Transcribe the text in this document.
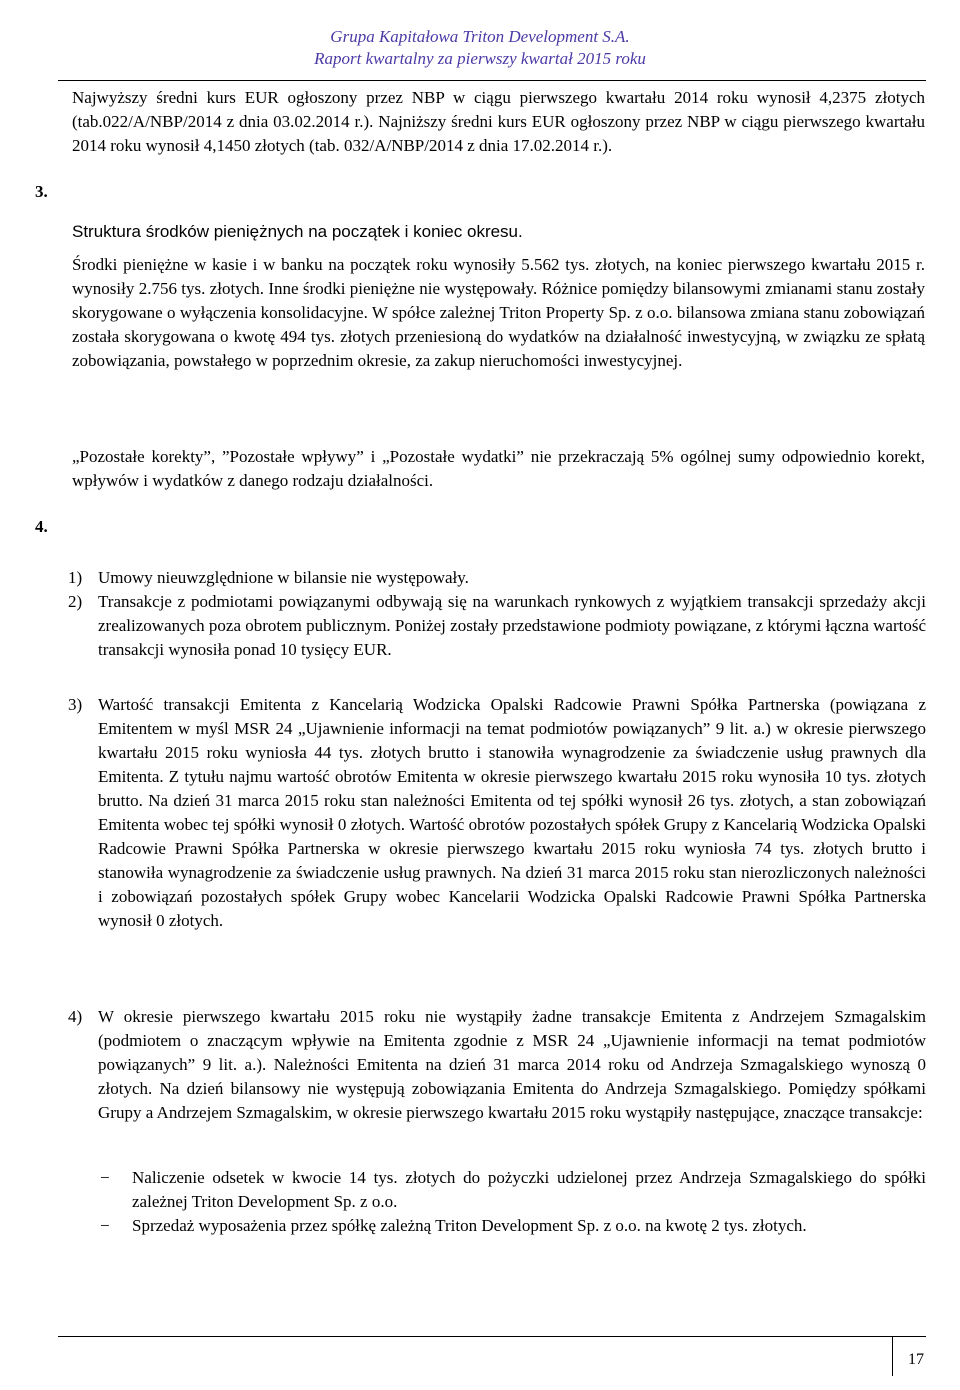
Grupa Kapitałowa Triton Development S.A.
Raport kwartalny za pierwszy kwartał 2015 roku

Najwyższy średni kurs EUR ogłoszony przez NBP w ciągu pierwszego kwartału 2014 roku wynosił 4,2375 złotych (tab.022/A/NBP/2014 z dnia 03.02.2014 r.). Najniższy średni kurs EUR ogłoszony przez NBP w ciągu pierwszego kwartału 2014 roku wynosił 4,1450 złotych (tab. 032/A/NBP/2014 z dnia 17.02.2014 r.).

3.

Struktura środków pieniężnych na początek i koniec okresu.

Środki pieniężne w kasie i w banku na początek roku wynosiły 5.562 tys. złotych, na koniec pierwszego kwartału 2015 r. wynosiły 2.756 tys. złotych. Inne środki pieniężne nie występowały. Różnice pomiędzy bilansowymi zmianami stanu zostały skorygowane o wyłączenia konsolidacyjne. W spółce zależnej Triton Property Sp. z o.o. bilansowa zmiana stanu zobowiązań została skorygowana o kwotę 494 tys. złotych przeniesioną do wydatków na działalność inwestycyjną, w związku ze spłatą zobowiązania, powstałego w poprzednim okresie, za zakup nieruchomości inwestycyjnej.

„Pozostałe korekty”, ”Pozostałe wpływy” i „Pozostałe wydatki” nie przekraczają 5% ogólnej sumy odpowiednio korekt, wpływów i wydatków z danego rodzaju działalności.

4.
1) Umowy nieuwzględnione w bilansie nie występowały.
2) Transakcje z podmiotami powiązanymi odbywają się na warunkach rynkowych z wyjątkiem transakcji sprzedaży akcji zrealizowanych poza obrotem publicznym. Poniżej zostały przedstawione podmioty powiązane, z którymi łączna wartość transakcji wynosiła ponad 10 tysięcy EUR.
3) Wartość transakcji Emitenta z Kancelarią Wodzicka Opalski Radcowie Prawni Spółka Partnerska (powiązana z Emitentem w myśl MSR 24 „Ujawnienie informacji na temat podmiotów powiązanych” 9 lit. a.) w okresie pierwszego kwartału 2015 roku wyniosła 44 tys. złotych brutto i stanowiła wynagrodzenie za świadczenie usług prawnych dla Emitenta. Z tytułu najmu wartość obrotów Emitenta w okresie pierwszego kwartału 2015 roku wynosiła 10 tys. złotych brutto. Na dzień 31 marca 2015 roku stan należności Emitenta od tej spółki wynosił 26 tys. złotych, a stan zobowiązań Emitenta wobec tej spółki wynosił 0 złotych. Wartość obrotów pozostałych spółek Grupy z Kancelarią Wodzicka Opalski Radcowie Prawni Spółka Partnerska w okresie pierwszego kwartału 2015 roku wyniosła 74 tys. złotych brutto i stanowiła wynagrodzenie za świadczenie usług prawnych. Na dzień 31 marca 2015 roku stan nierozliczonych należności i zobowiązań pozostałych spółek Grupy wobec Kancelarii Wodzicka Opalski Radcowie Prawni Spółka Partnerska wynosił 0 złotych.
4) W okresie pierwszego kwartału 2015 roku nie wystąpiły żadne transakcje Emitenta z Andrzejem Szmagalskim (podmiotem o znaczącym wpływie na Emitenta zgodnie z MSR 24 „Ujawnienie informacji na temat podmiotów powiązanych” 9 lit. a.). Należności Emitenta na dzień 31 marca 2014 roku od Andrzeja Szmagalskiego wynoszą 0 złotych. Na dzień bilansowy nie występują zobowiązania Emitenta do Andrzeja Szmagalskiego. Pomiędzy spółkami Grupy a Andrzejem Szmagalskim, w okresie pierwszego kwartału 2015 roku wystąpiły następujące, znaczące transakcje:
− Naliczenie odsetek w kwocie 14 tys. złotych do pożyczki udzielonej przez Andrzeja Szmagalskiego do spółki zależnej Triton Development Sp. z o.o.
− Sprzedaż wyposażenia przez spółkę zależną Triton Development Sp. z o.o. na kwotę 2 tys. złotych.
17
